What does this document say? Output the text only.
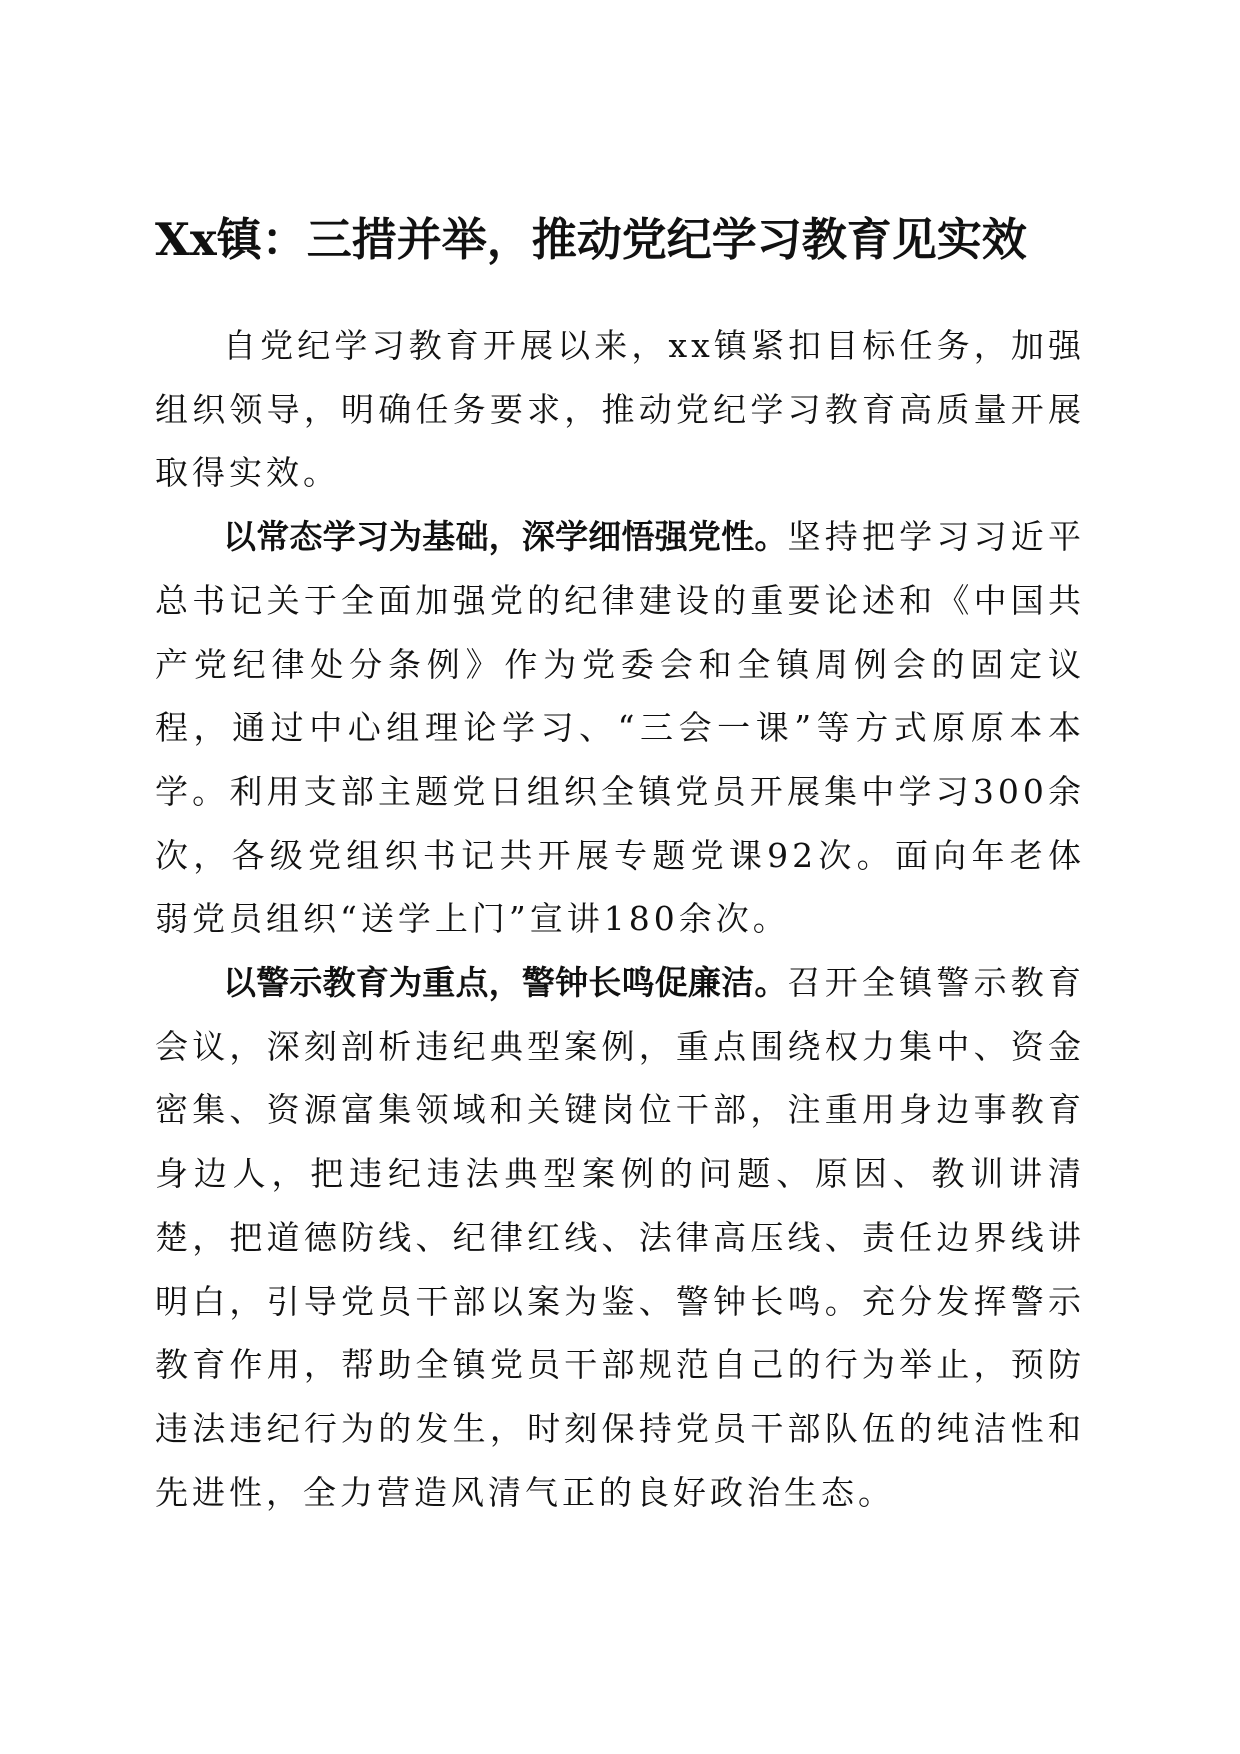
Xx镇：三措并举，推动党纪学习教育见实效

自党纪学习教育开展以来，xx镇紧扣目标任务，加强组织领导，明确任务要求，推动党纪学习教育高质量开展取得实效。

以常态学习为基础，深学细悟强党性。坚持把学习习近平总书记关于全面加强党的纪律建设的重要论述和《中国共产党纪律处分条例》作为党委会和全镇周例会的固定议程，通过中心组理论学习、“三会一课”等方式原原本本学。利用支部主题党日组织全镇党员开展集中学习300余次，各级党组织书记共开展专题党课92次。面向年老体弱党员组织“送学上门”宣讲180余次。

以警示教育为重点，警钟长鸣促廉洁。召开全镇警示教育会议，深刻剖析违纪典型案例，重点围绕权力集中、资金密集、资源富集领域和关键岗位干部，注重用身边事教育身边人，把违纪违法典型案例的问题、原因、教训讲清楚，把道德防线、纪律红线、法律高压线、责任边界线讲明白，引导党员干部以案为鉴、警钟长鸣。充分发挥警示教育作用，帮助全镇党员干部规范自己的行为举止，预防违法违纪行为的发生，时刻保持党员干部队伍的纯洁性和先进性，全力营造风清气正的良好政治生态。
